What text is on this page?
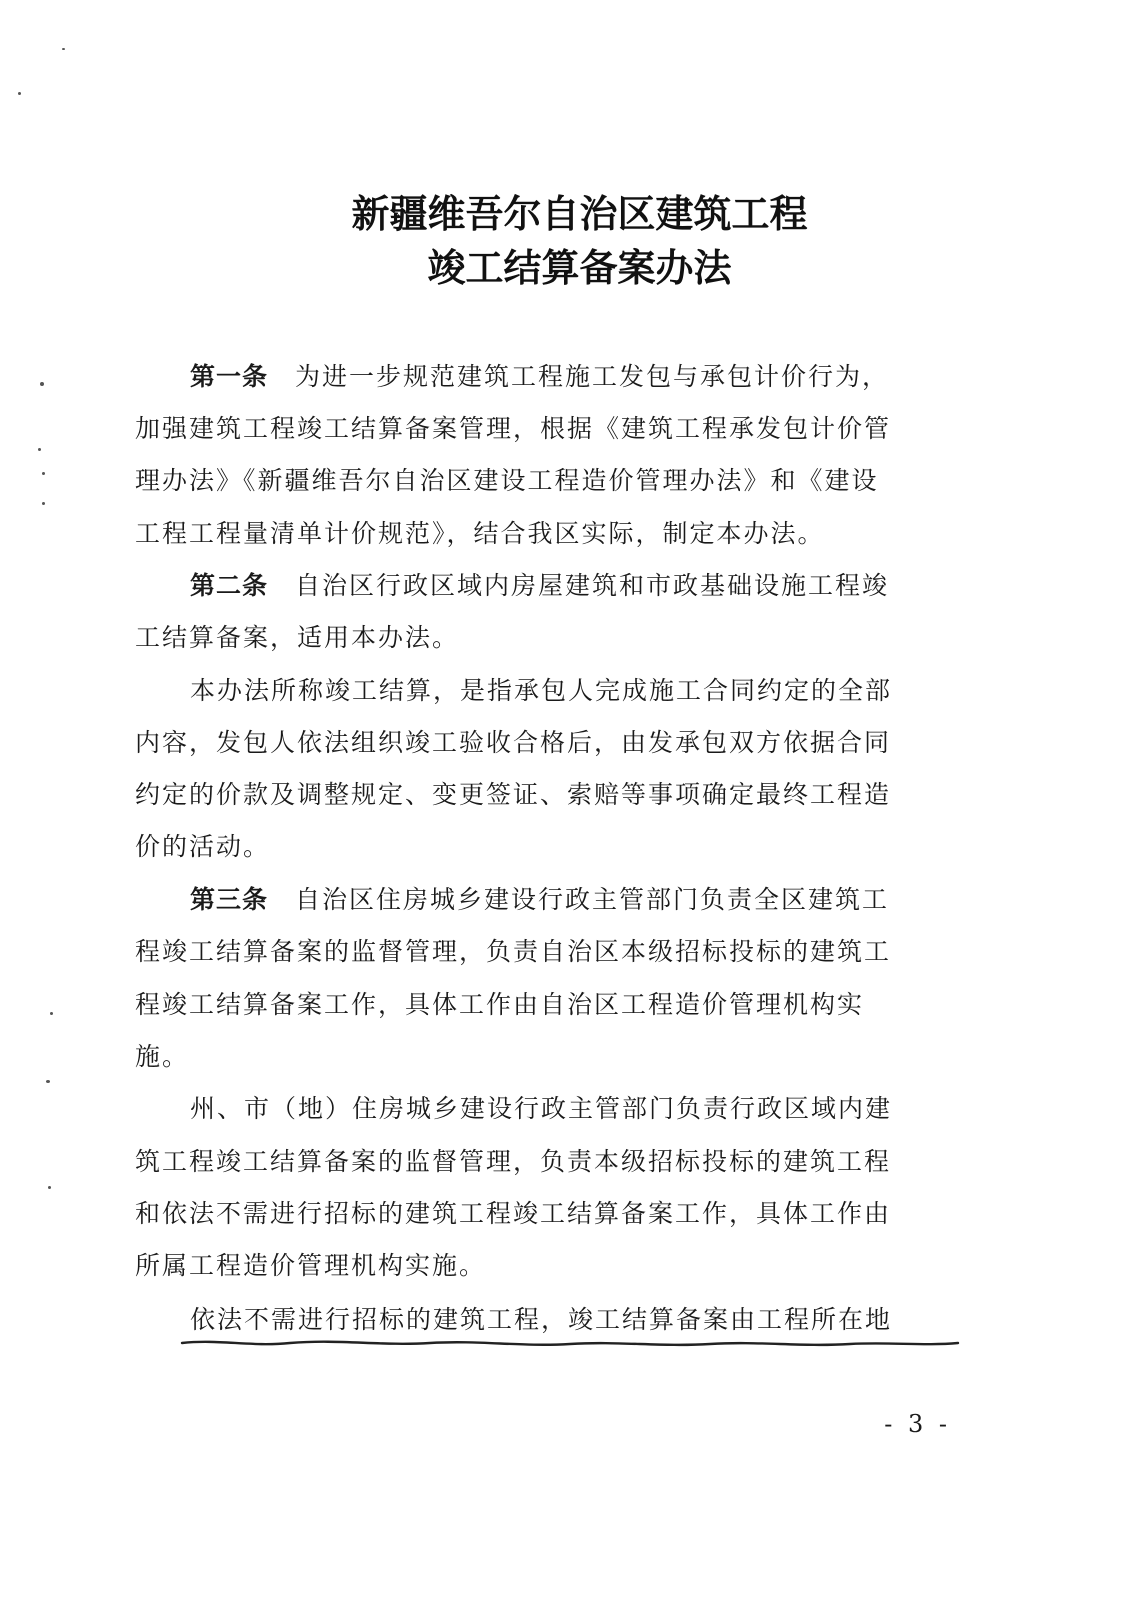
新疆维吾尔自治区建筑工程
竣工结算备案办法
第一条　 为进一步规范建筑工程施工发包与承包计价行为，
加强建筑工程竣工结算备案管理，根据《建筑工程承发包计价管
理办法》《新疆维吾尔自治区建设工程造价管理办法》和《建设
工程工程量清单计价规范》，结合我区实际，制定本办法。
第二条　 自治区行政区域内房屋建筑和市政基础设施工程竣
工结算备案，适用本办法。
本办法所称竣工结算，是指承包人完成施工合同约定的全部
内容，发包人依法组织竣工验收合格后，由发承包双方依据合同
约定的价款及调整规定、变更签证、索赔等事项确定最终工程造
价的活动。
第三条　 自治区住房城乡建设行政主管部门负责全区建筑工
程竣工结算备案的监督管理，负责自治区本级招标投标的建筑工
程竣工结算备案工作，具体工作由自治区工程造价管理机构实
施。
州、市（地）住房城乡建设行政主管部门负责行政区域内建
筑工程竣工结算备案的监督管理，负责本级招标投标的建筑工程
和依法不需进行招标的建筑工程竣工结算备案工作，具体工作由
所属工程造价管理机构实施。
依法不需进行招标的建筑工程，竣工结算备案由工程所在地
- 3 -
